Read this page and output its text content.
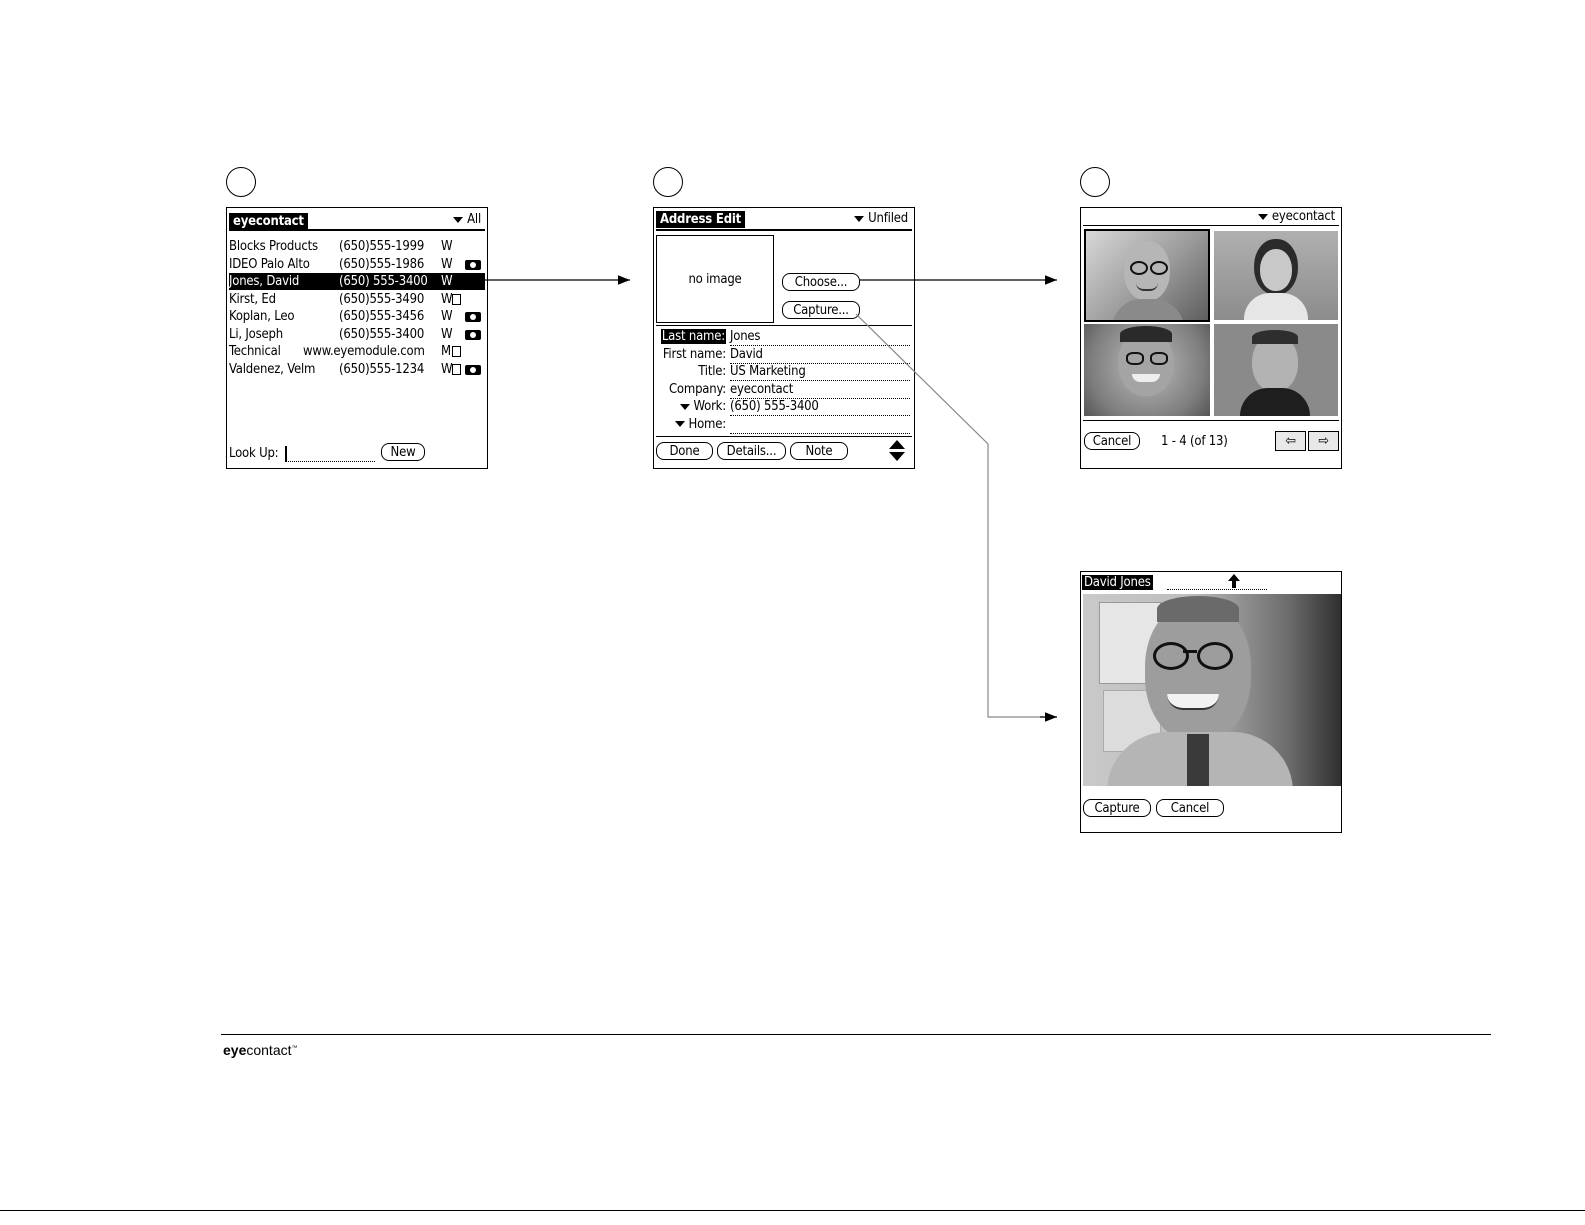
eyecontact	All
Blocks Products (650)555-1999 W
IDEO Palo Alto (650)555-1986 W
Jones, David	(650) 555-3400 W
Kirst, Ed	(650)555-3490 W
Koplan, Leo	(650)555-3456 W
Li, Joseph	(650)555-3400 W
Technical www.eyemodule.com M
Valdenez, Velm (650)555-1234 W
Look Up:	New
Address Edit	Unfiled
no image	Choose...
Capture...
Last name: Jones
First name: David
Title: US Marketing
Company: eyecontact
Work: (650) 555-3400
Home:
Done	Details...	Note
eyecontact
Cancel	1 - 4 (of 13)	⇦ ⇨
David Jones
Capture	Cancel
eyecontact™
